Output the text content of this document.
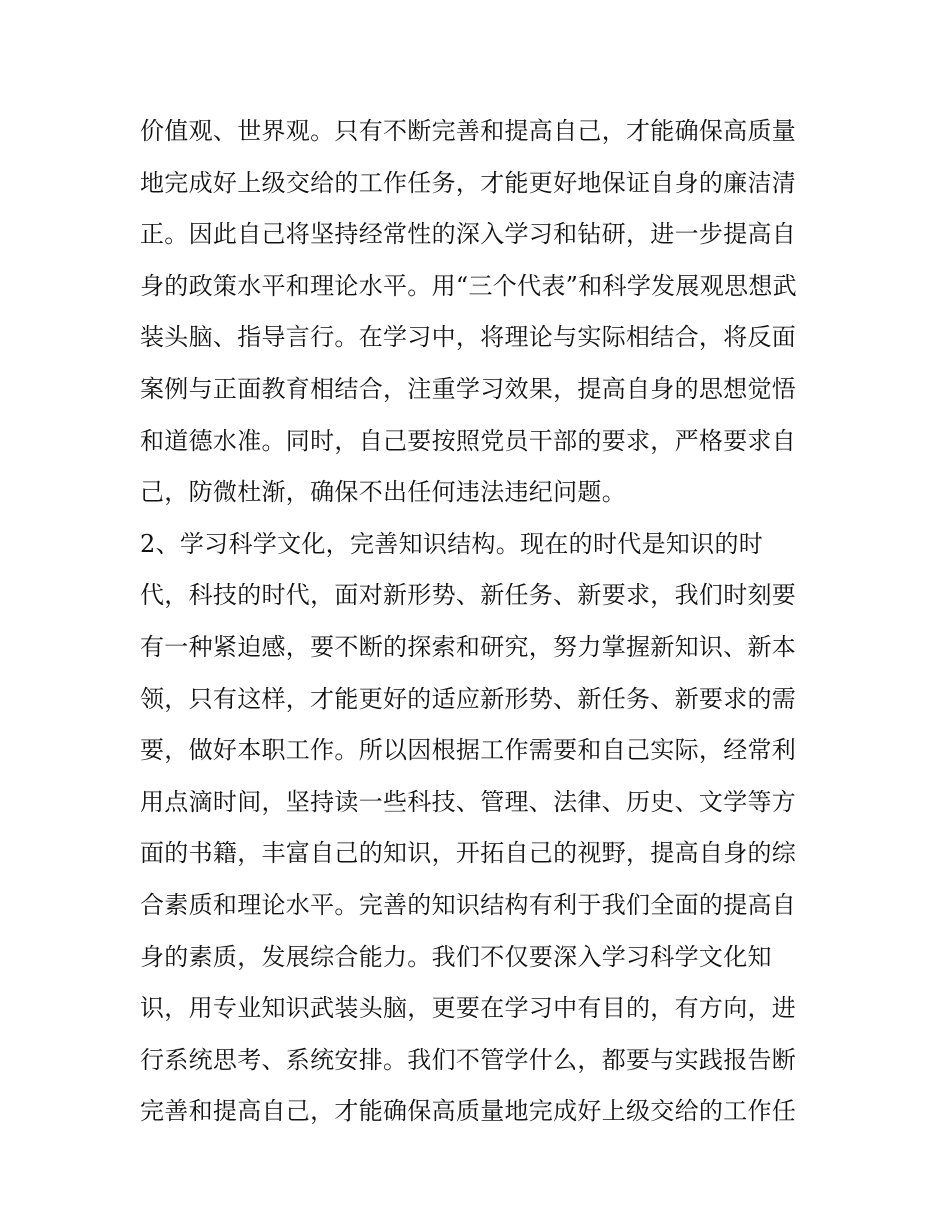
价值观、世界观。只有不断完善和提高自己，才能确保高质量
地完成好上级交给的工作任务，才能更好地保证自身的廉洁清
正。因此自己将坚持经常性的深入学习和钻研，进一步提高自
身的政策水平和理论水平。用“三个代表”和科学发展观思想武
装头脑、指导言行。在学习中，将理论与实际相结合，将反面
案例与正面教育相结合，注重学习效果，提高自身的思想觉悟
和道德水准。同时，自己要按照党员干部的要求，严格要求自
己，防微杜渐，确保不出任何违法违纪问题。
2、学习科学文化，完善知识结构。现在的时代是知识的时
代，科技的时代，面对新形势、新任务、新要求，我们时刻要
有一种紧迫感，要不断的探索和研究，努力掌握新知识、新本
领，只有这样，才能更好的适应新形势、新任务、新要求的需
要，做好本职工作。所以因根据工作需要和自己实际，经常利
用点滴时间，坚持读一些科技、管理、法律、历史、文学等方
面的书籍，丰富自己的知识，开拓自己的视野，提高自身的综
合素质和理论水平。完善的知识结构有利于我们全面的提高自
身的素质，发展综合能力。我们不仅要深入学习科学文化知
识，用专业知识武装头脑，更要在学习中有目的，有方向，进
行系统思考、系统安排。我们不管学什么，都要与实践报告断
完善和提高自己，才能确保高质量地完成好上级交给的工作任
